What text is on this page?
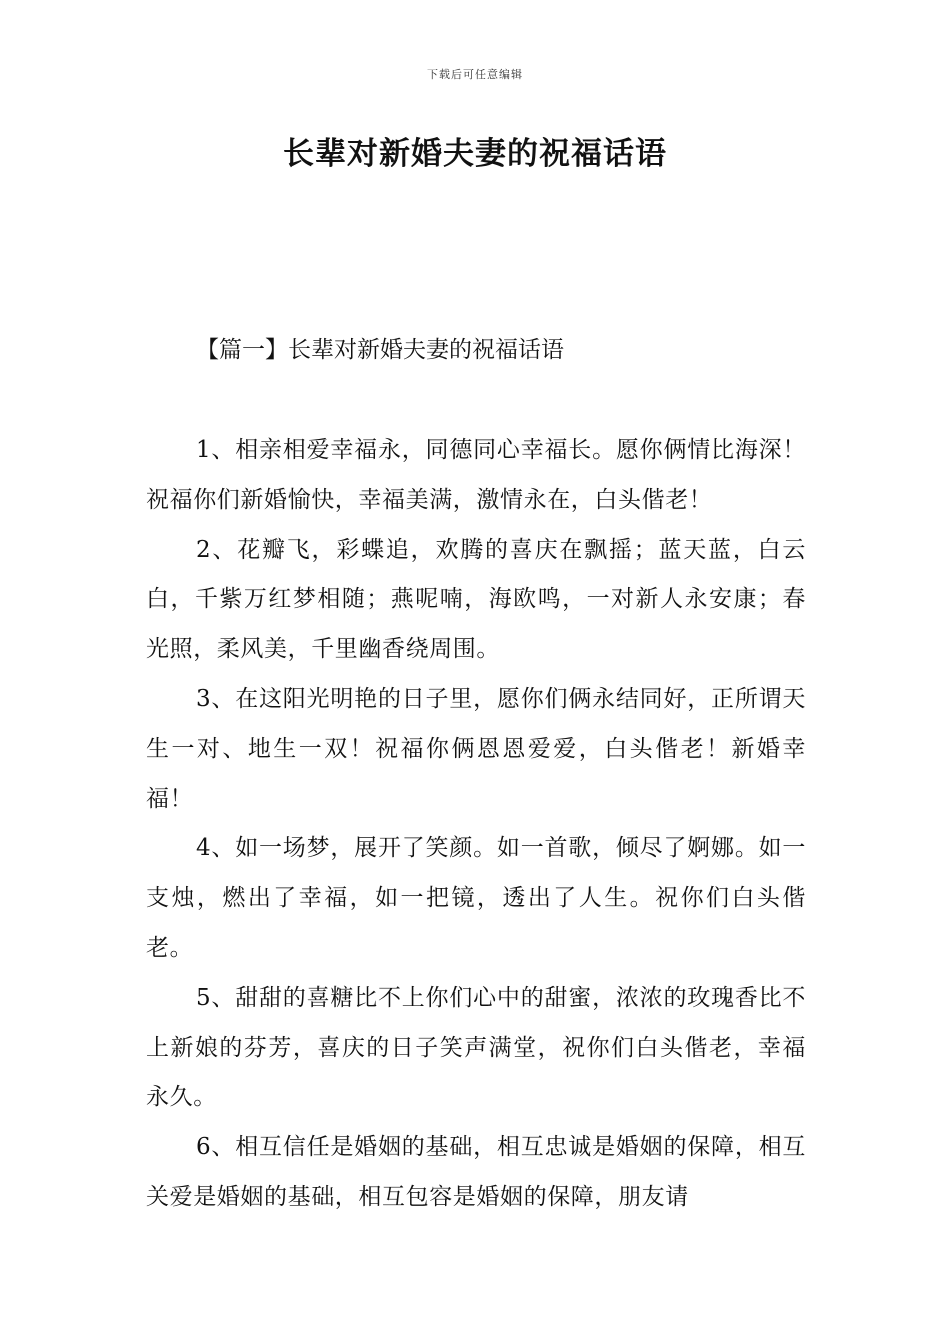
下载后可任意编辑
长辈对新婚夫妻的祝福话语
【篇一】长辈对新婚夫妻的祝福话语

1、相亲相爱幸福永，同德同心幸福长。愿你俩情比海深！祝福你们新婚愉快，幸福美满，激情永在，白头偕老！

2、花瓣飞，彩蝶追，欢腾的喜庆在飘摇；蓝天蓝，白云白，千紫万红梦相随；燕呢喃，海欧鸣，一对新人永安康；春光照，柔风美，千里幽香绕周围。

3、在这阳光明艳的日子里，愿你们俩永结同好，正所谓天生一对、地生一双！祝福你俩恩恩爱爱，白头偕老！新婚幸福！

4、如一场梦，展开了笑颜。如一首歌，倾尽了婀娜。如一支烛，燃出了幸福，如一把镜，透出了人生。祝你们白头偕老。

5、甜甜的喜糖比不上你们心中的甜蜜，浓浓的玫瑰香比不上新娘的芬芳，喜庆的日子笑声满堂，祝你们白头偕老，幸福永久。

6、相互信任是婚姻的基础，相互忠诚是婚姻的保障，相互关爱是婚姻的基础，相互包容是婚姻的保障，朋友请
